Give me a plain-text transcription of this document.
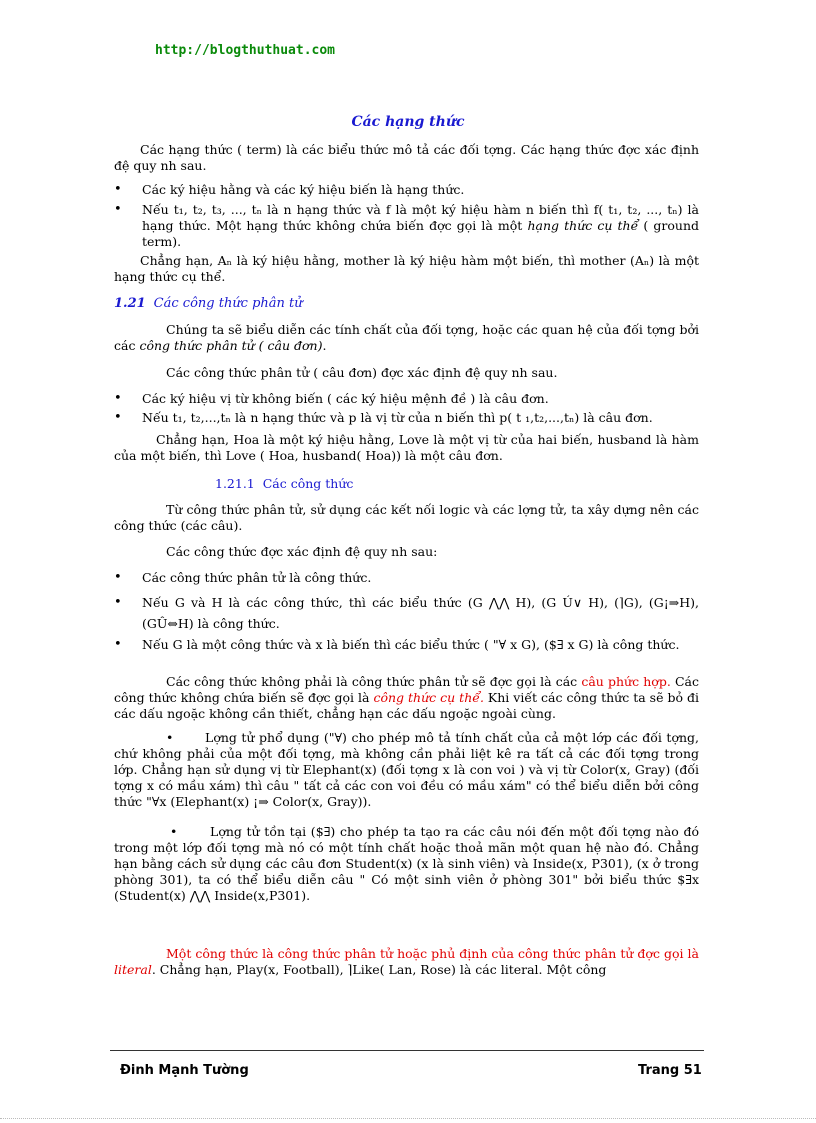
http://blogthuthuat.com
Các hạng thức
Các hạng thức ( term) là các biểu thức mô tả các đối tợng. Các hạng thức đợc xác định đệ quy nh sau.
• Các ký hiệu hằng và các ký hiệu biến là hạng thức.
• Nếu t₁, t₂, t₃, ..., tₙ là n hạng thức và f là một ký hiệu hàm n biến thì f( t₁, t₂, ..., tₙ) là hạng thức. Một hạng thức không chứa biến đợc gọi là một hạng thức cụ thể ( ground term).
Chẳng hạn, Aₙ là ký hiệu hằng, mother là ký hiệu hàm một biến, thì mother (Aₙ) là một hạng thức cụ thể.
1.21 Các công thức phân tử
Chúng ta sẽ biểu diễn các tính chất của đối tợng, hoặc các quan hệ của đối tợng bởi các công thức phân tử ( câu đơn).
Các công thức phân tử ( câu đơn) đợc xác định đệ quy nh sau.
• Các ký hiệu vị từ không biến ( các ký hiệu mệnh đề ) là câu đơn.
• Nếu t₁, t₂,...,tₙ là n hạng thức và p là vị từ của n biến thì p( t ₁,t₂,...,tₙ) là câu đơn.
Chẳng hạn, Hoa là một ký hiệu hằng, Love là một vị từ của hai biến, husband là hàm của một biến, thì Love ( Hoa, husband( Hoa)) là một câu đơn.
1.21.1 Các công thức
Từ công thức phân tử, sử dụng các kết nối logic và các lợng tử, ta xây dựng nên các công thức (các câu).
Các công thức đợc xác định đệ quy nh sau:
• Các công thức phân tử là công thức.
• Nếu G và H là các công thức, thì các biểu thức (G ⋀⋀ H), (G Ú∨ H), (⌉G), (G¡⇒H), (GÛ⇔H) là công thức.
• Nếu G là một công thức và x là biến thì các biểu thức ( "∀ x G), ($∃ x G) là công thức.
Các công thức không phải là công thức phân tử sẽ đợc gọi là các câu phức hợp. Các công thức không chứa biến sẽ đợc gọi là công thức cụ thể. Khi viết các công thức ta sẽ bỏ đi các dấu ngoặc không cần thiết, chẳng hạn các dấu ngoặc ngoài cùng.
•	Lợng tử phổ dụng ("∀) cho phép mô tả tính chất của cả một lớp các đối tợng, chứ không phải của một đối tợng, mà không cần phải liệt kê ra tất cả các đối tợng trong lớp. Chẳng hạn sử dụng vị từ Elephant(x) (đối tợng x là con voi ) và vị từ Color(x, Gray) (đối tợng x có mầu xám) thì câu " tất cả các con voi đều có mầu xám" có thể biểu diễn bởi công thức "∀x (Elephant(x) ¡⇒ Color(x, Gray)).
•	Lợng tử tồn tại ($∃) cho phép ta tạo ra các câu nói đến một đối tợng nào đó trong một lớp đối tợng mà nó có một tính chất hoặc thoả mãn một quan hệ nào đó. Chẳng hạn bằng cách sử dụng các câu đơn Student(x) (x là sinh viên) và Inside(x, P301), (x ở trong phòng 301), ta có thể biểu diễn câu " Có một sinh viên ở phòng 301" bởi biểu thức $∃x (Student(x) ⋀⋀ Inside(x,P301).
Một công thức là công thức phân tử hoặc phủ định của công thức phân tử đợc gọi là literal. Chẳng hạn, Play(x, Football), ⌉Like( Lan, Rose) là các literal. Một công
Đinh Mạnh Tường	Trang 51
